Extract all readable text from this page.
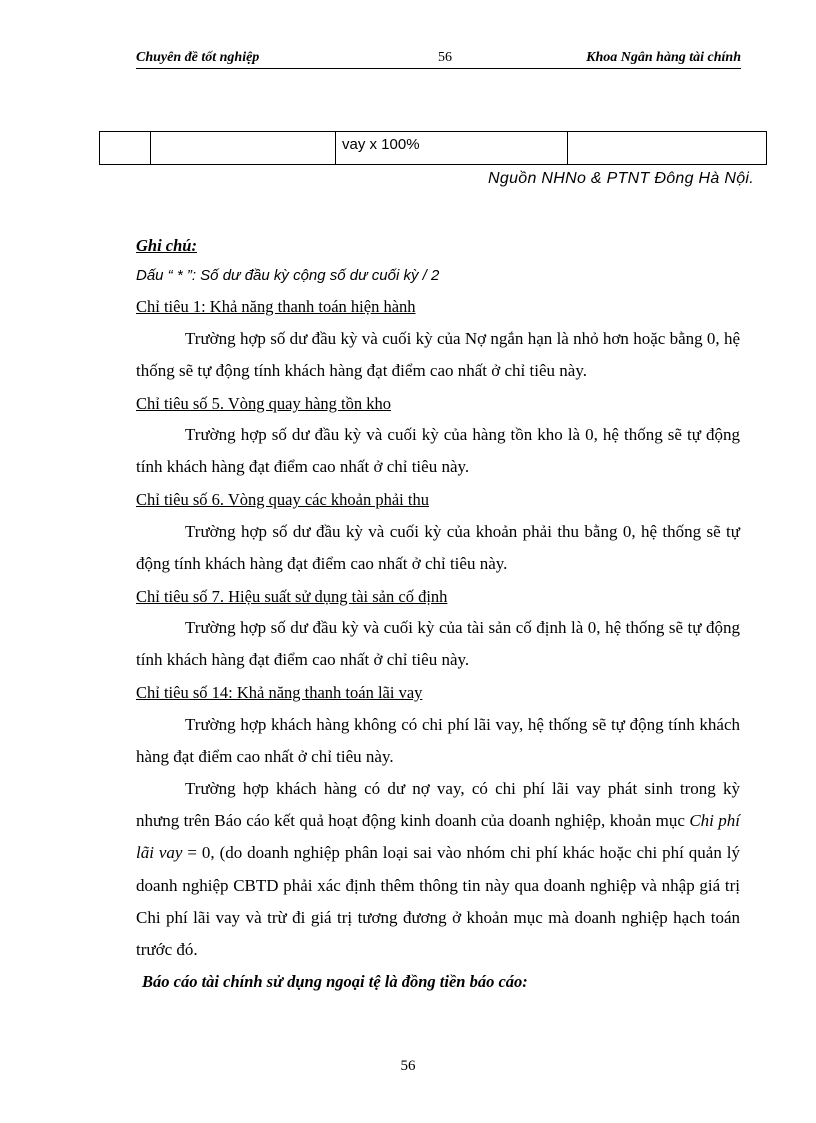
Chuyên đề tốt nghiệp	56	Khoa Ngân hàng tài chính
		vay x 100%	
Nguồn NHNo & PTNT Đông Hà Nội.
Ghi chú:
Dấu “ * ”: Số dư đầu kỳ cộng số dư cuối kỳ / 2
Chỉ tiêu 1: Khả năng thanh toán hiện hành
Trường hợp số dư đầu kỳ và cuối kỳ của Nợ ngắn hạn là nhỏ hơn hoặc bằng 0, hệ thống sẽ tự động tính khách hàng đạt điểm cao nhất ở chỉ tiêu này.
Chỉ tiêu số 5. Vòng quay hàng tồn kho
Trường hợp số dư đầu kỳ và cuối kỳ của hàng tồn kho là 0, hệ thống sẽ tự động tính khách hàng đạt điểm cao nhất ở chỉ tiêu này.
Chỉ tiêu số 6. Vòng quay các khoản phải thu
Trường hợp số dư đầu kỳ và cuối kỳ của khoản phải thu bằng 0, hệ thống sẽ tự động tính khách hàng đạt điểm cao nhất ở chỉ tiêu này.
Chỉ tiêu số 7. Hiệu suất sử dụng tài sản cố định
Trường hợp số dư đầu kỳ và cuối kỳ của tài sản cố định là 0, hệ thống sẽ tự động tính khách hàng đạt điểm cao nhất ở chỉ tiêu này.
Chỉ tiêu số 14: Khả năng thanh toán lãi vay
Trường hợp khách hàng không có chi phí lãi vay, hệ thống sẽ tự động tính khách hàng đạt điểm cao nhất ở chỉ tiêu này.
Trường hợp khách hàng có dư nợ vay, có chi phí lãi vay phát sinh trong kỳ nhưng trên Báo cáo kết quả hoạt động kinh doanh của doanh nghiệp, khoản mục Chi phí lãi vay = 0, (do doanh nghiệp phân loại sai vào nhóm chi phí khác hoặc chi phí quản lý doanh nghiệp CBTD phải xác định thêm thông tin này qua doanh nghiệp và nhập giá trị Chi phí lãi vay và trừ đi giá trị tương đương ở khoản mục mà doanh nghiệp hạch toán trước đó.
Báo cáo tài chính sử dụng ngoại tệ là đồng tiền báo cáo:
56
